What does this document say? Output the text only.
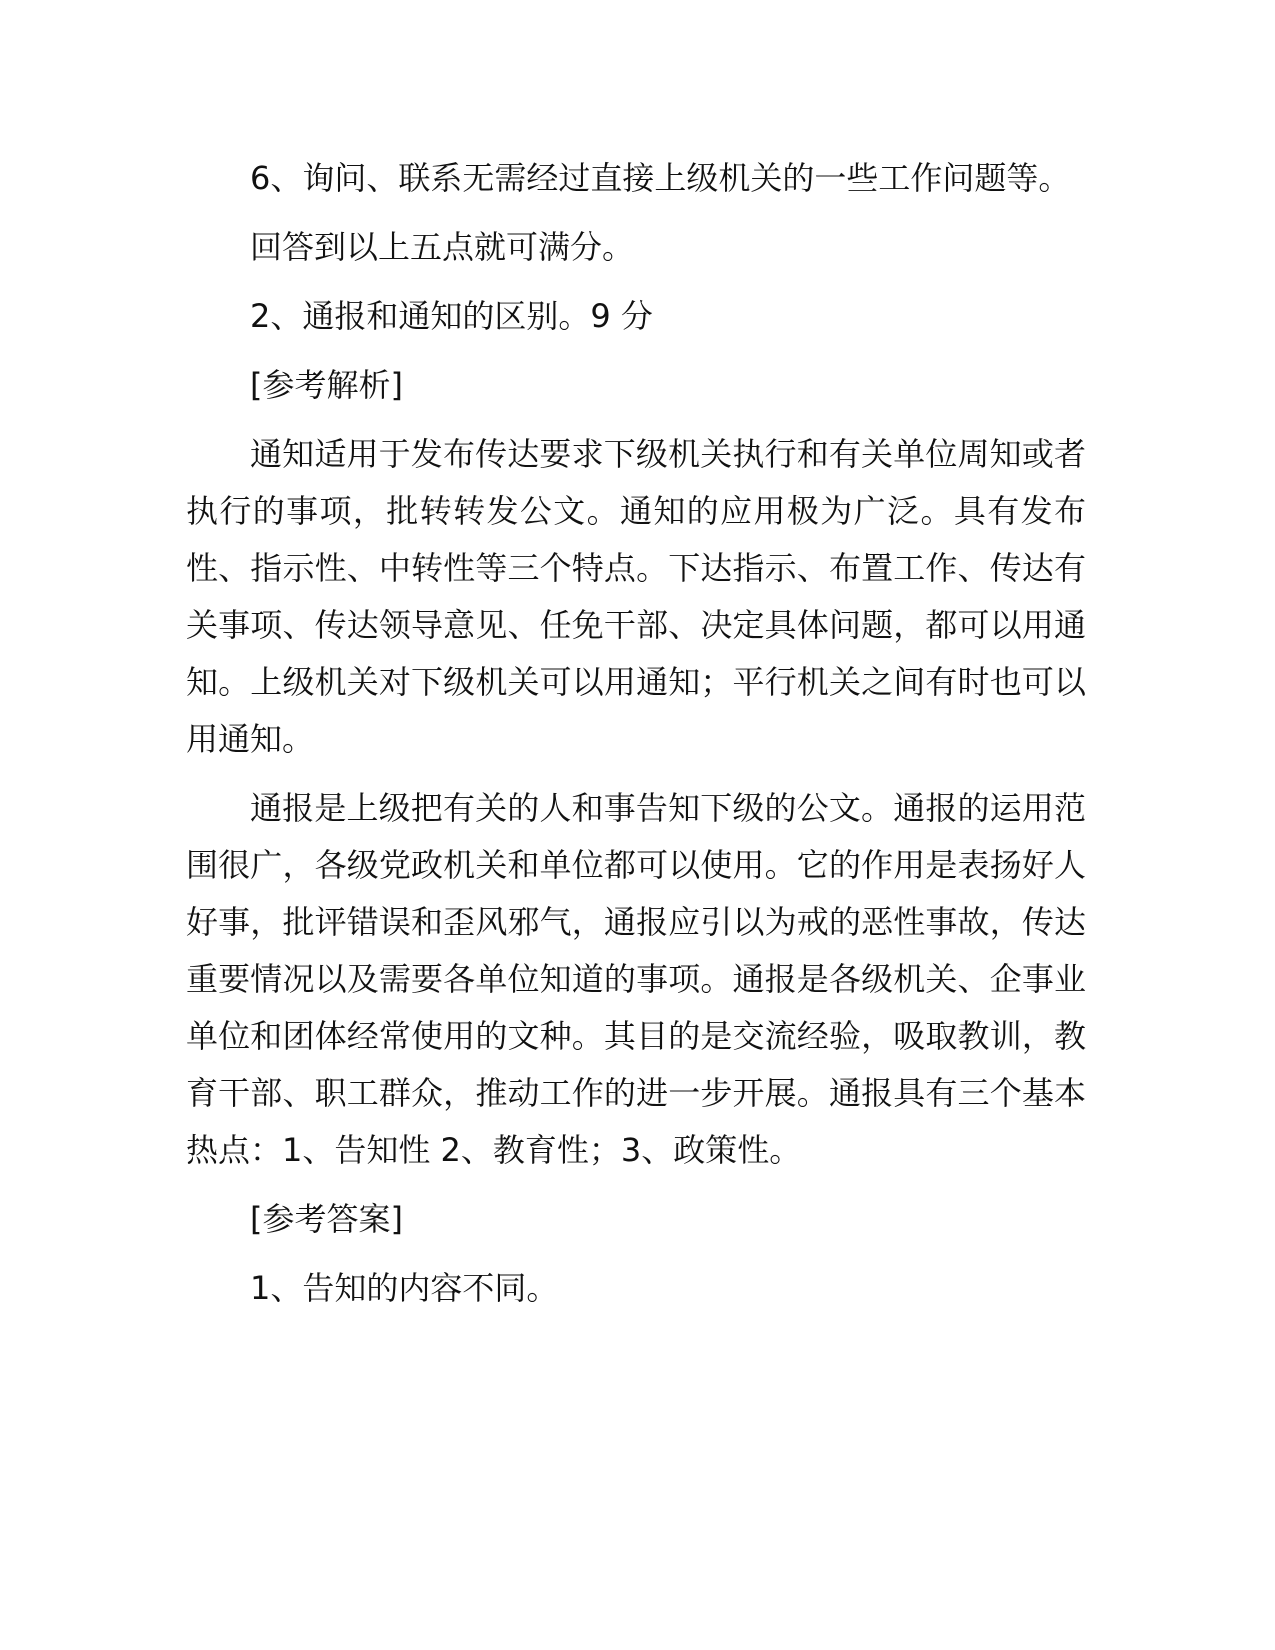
6、询问、联系无需经过直接上级机关的一些工作问题等。

回答到以上五点就可满分。

2、通报和通知的区别。9 分

[参考解析]

通知适用于发布传达要求下级机关执行和有关单位周知或者执行的事项，批转转发公文。通知的应用极为广泛。具有发布性、指示性、中转性等三个特点。下达指示、布置工作、传达有关事项、传达领导意见、任免干部、决定具体问题，都可以用通知。上级机关对下级机关可以用通知；平行机关之间有时也可以用通知。

通报是上级把有关的人和事告知下级的公文。通报的运用范围很广，各级党政机关和单位都可以使用。它的作用是表扬好人好事，批评错误和歪风邪气，通报应引以为戒的恶性事故，传达重要情况以及需要各单位知道的事项。通报是各级机关、企事业单位和团体经常使用的文种。其目的是交流经验，吸取教训，教育干部、职工群众，推动工作的进一步开展。通报具有三个基本热点：1、告知性 2、教育性；3、政策性。

[参考答案]

1、告知的内容不同。
